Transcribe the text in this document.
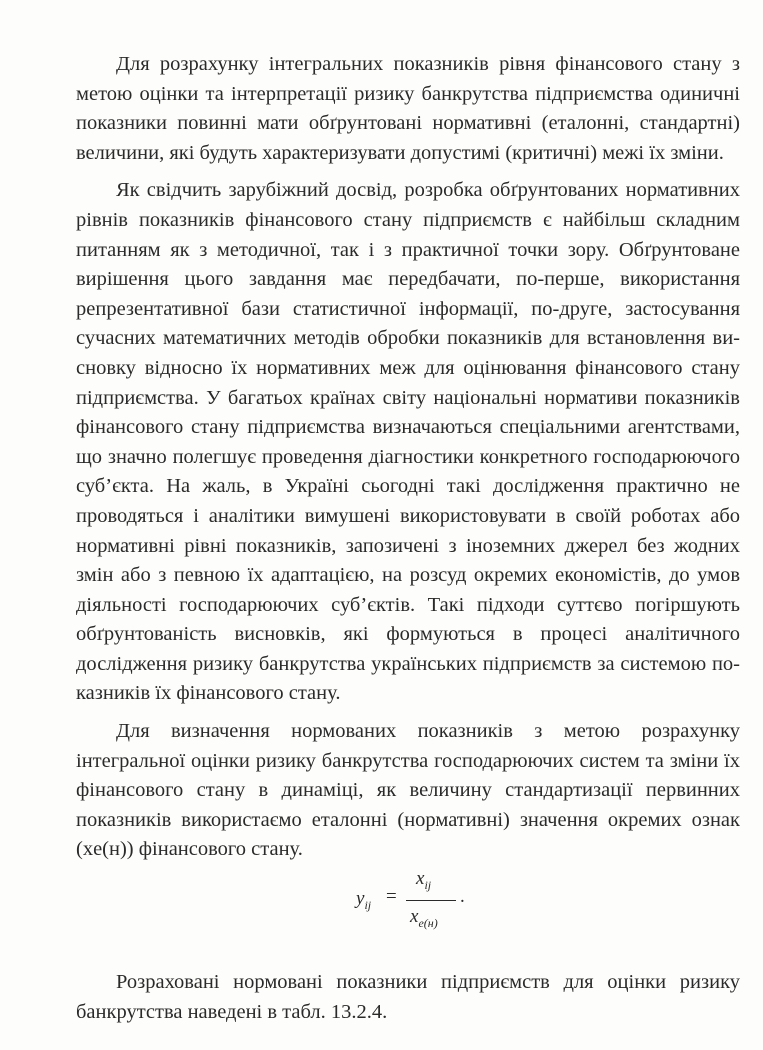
Для розрахунку інтегральних показників рівня фінансового стану з метою оцінки та інтерпретації ризику банкрутства підприємства одиничні показники повинні мати обґрунтовані нормативні (еталонні, стандартні) величини, які будуть характеризувати допустимі (критичні) межі їх зміни.

Як свідчить зарубіжний досвід, розробка обґрунтованих нормативних рівнів показників фінансового стану підприємств є найбільш складним питанням як з методичної, так і з практичної точки зору. Обґрунтоване вирішення цього завдання має передбачати, по-перше, використання репрезентативної бази статистичної інформації, по-друге, застосування сучасних математичних методів обробки показників для встановлення висновку відносно їх нормативних меж для оцінювання фінансового стану підприємства. У багатьох країнах світу національні нормативи показників фінансового стану підприємства визначаються спеціальними агентствами, що значно полегшує проведення діагностики конкретного господарюючого суб’єкта. На жаль, в Україні сьогодні такі дослідження практично не проводяться і аналітики вимушені використовувати в своїй роботах або нормативні рівні показників, запозичені з іноземних джерел без жодних змін або з певною їх адаптацією, на розсуд окремих економістів, до умов діяльності господарюючих суб’єктів. Такі підходи суттєво погіршують обґрунтованість висновків, які формуються в процесі аналітичного дослідження ризику банкрутства українських підприємств за системою показників їх фінансового стану.

Для визначення нормованих показників з метою розрахунку інтегральної оцінки ризику банкрутства господарюючих систем та зміни їх фінансового стану в динаміці, як величину стандартизації первинних показників використаємо еталонні (нормативні) значення окремих ознак (xe(н)) фінансового стану.

$y_{ij}$ =
$x_{ij}$
$x_{e(н)}$
.

Розраховані нормовані показники підприємств для оцінки ризику банкрутства наведені в табл. 13.2.4.
